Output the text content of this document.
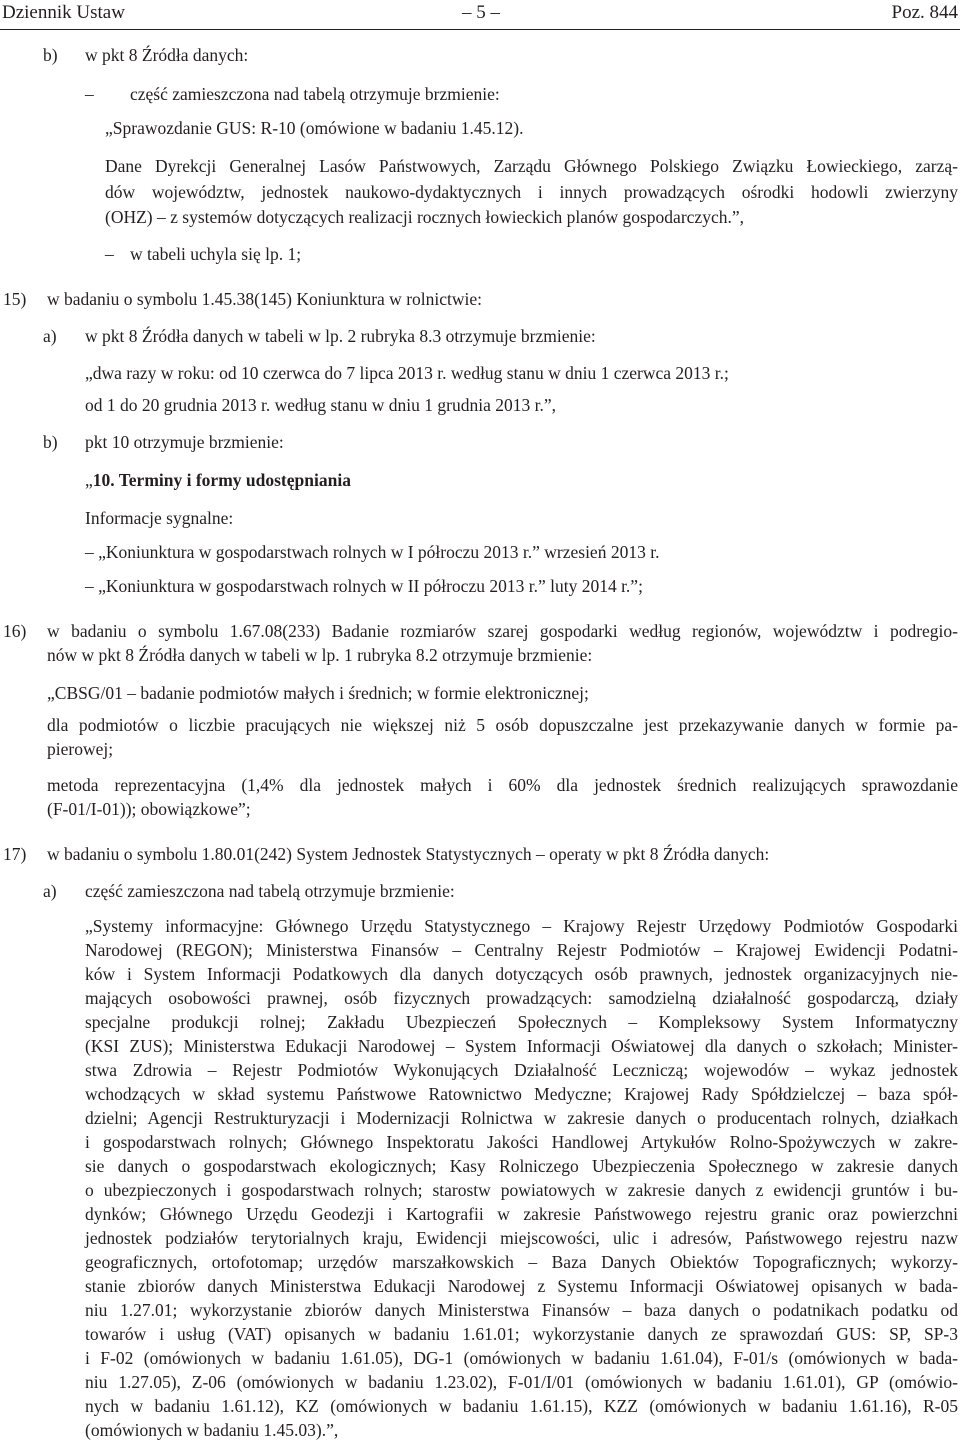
Dziennik Ustaw	– 5 –	Poz. 844
b) w pkt 8 Źródła danych:
– część zamieszczona nad tabelą otrzymuje brzmienie:
„Sprawozdanie GUS: R-10 (omówione w badaniu 1.45.12).
Dane Dyrekcji Generalnej Lasów Państwowych, Zarządu Głównego Polskiego Związku Łowieckiego, zarzą-
dów województw, jednostek naukowo-dydaktycznych i innych prowadzących ośrodki hodowli zwierzyny
(OHZ) – z systemów dotyczących realizacji rocznych łowieckich planów gospodarczych.”,
– w tabeli uchyla się lp. 1;
15) w badaniu o symbolu 1.45.38(145) Koniunktura w rolnictwie:
a) w pkt 8 Źródła danych w tabeli w lp. 2 rubryka 8.3 otrzymuje brzmienie:
„dwa razy w roku: od 10 czerwca do 7 lipca 2013 r. według stanu w dniu 1 czerwca 2013 r.;
od 1 do 20 grudnia 2013 r. według stanu w dniu 1 grudnia 2013 r.”,
b) pkt 10 otrzymuje brzmienie:
„10. Terminy i formy udostępniania
Informacje sygnalne:
– „Koniunktura w gospodarstwach rolnych w I półroczu 2013 r.” wrzesień 2013 r.
– „Koniunktura w gospodarstwach rolnych w II półroczu 2013 r.” luty 2014 r.”;
16) w badaniu o symbolu 1.67.08(233) Badanie rozmiarów szarej gospodarki według regionów, województw i podregio-
nów w pkt 8 Źródła danych w tabeli w lp. 1 rubryka 8.2 otrzymuje brzmienie:
„CBSG/01 – badanie podmiotów małych i średnich; w formie elektronicznej;
dla podmiotów o liczbie pracujących nie większej niż 5 osób dopuszczalne jest przekazywanie danych w formie pa-
pierowej;
metoda reprezentacyjna (1,4% dla jednostek małych i 60% dla jednostek średnich realizujących sprawozdanie
(F-01/I-01)); obowiązkowe”;
17) w badaniu o symbolu 1.80.01(242) System Jednostek Statystycznych – operaty w pkt 8 Źródła danych:
a) część zamieszczona nad tabelą otrzymuje brzmienie:
„Systemy informacyjne: Głównego Urzędu Statystycznego – Krajowy Rejestr Urzędowy Podmiotów Gospodarki
Narodowej (REGON); Ministerstwa Finansów – Centralny Rejestr Podmiotów – Krajowej Ewidencji Podatni-
ków i System Informacji Podatkowych dla danych dotyczących osób prawnych, jednostek organizacyjnych nie-
mających osobowości prawnej, osób fizycznych prowadzących: samodzielną działalność gospodarczą, działy
specjalne produkcji rolnej; Zakładu Ubezpieczeń Społecznych – Kompleksowy System Informatyczny
(KSI ZUS); Ministerstwa Edukacji Narodowej – System Informacji Oświatowej dla danych o szkołach; Minister-
stwa Zdrowia – Rejestr Podmiotów Wykonujących Działalność Leczniczą; wojewodów – wykaz jednostek
wchodzących w skład systemu Państwowe Ratownictwo Medyczne; Krajowej Rady Spółdzielczej – baza spół-
dzielni; Agencji Restrukturyzacji i Modernizacji Rolnictwa w zakresie danych o producentach rolnych, działkach
i gospodarstwach rolnych; Głównego Inspektoratu Jakości Handlowej Artykułów Rolno-Spożywczych w zakre-
sie danych o gospodarstwach ekologicznych; Kasy Rolniczego Ubezpieczenia Społecznego w zakresie danych
o ubezpieczonych i gospodarstwach rolnych; starostw powiatowych w zakresie danych z ewidencji gruntów i bu-
dynków; Głównego Urzędu Geodezji i Kartografii w zakresie Państwowego rejestru granic oraz powierzchni
jednostek podziałów terytorialnych kraju, Ewidencji miejscowości, ulic i adresów, Państwowego rejestru nazw
geograficznych, ortofotomap; urzędów marszałkowskich – Baza Danych Obiektów Topograficznych; wykorzy-
stanie zbiorów danych Ministerstwa Edukacji Narodowej z Systemu Informacji Oświatowej opisanych w bada-
niu 1.27.01; wykorzystanie zbiorów danych Ministerstwa Finansów – baza danych o podatnikach podatku od
towarów i usług (VAT) opisanych w badaniu 1.61.01; wykorzystanie danych ze sprawozdań GUS: SP, SP-3
i F-02 (omówionych w badaniu 1.61.05), DG-1 (omówionych w badaniu 1.61.04), F-01/s (omówionych w bada-
niu 1.27.05), Z-06 (omówionych w badaniu 1.23.02), F-01/I/01 (omówionych w badaniu 1.61.01), GP (omówio-
nych w badaniu 1.61.12), KZ (omówionych w badaniu 1.61.15), KZZ (omówionych w badaniu 1.61.16), R-05
(omówionych w badaniu 1.45.03).”,
